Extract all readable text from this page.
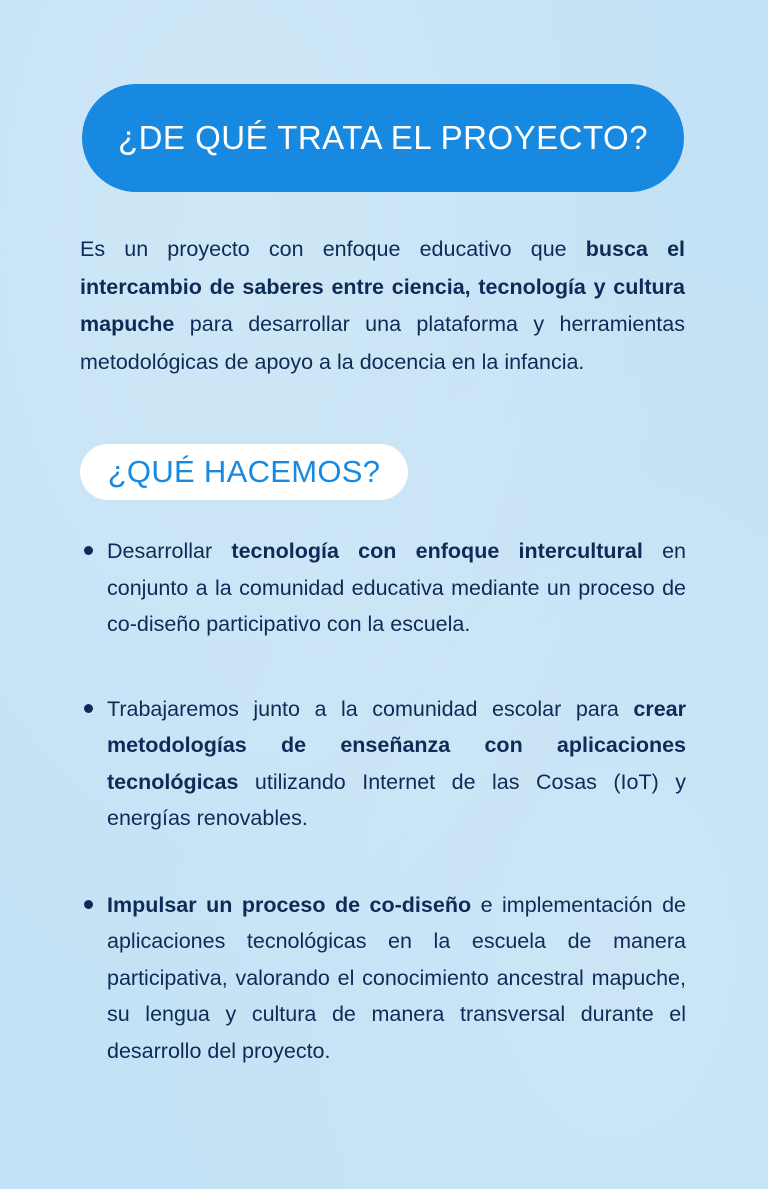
¿DE QUÉ TRATA EL PROYECTO?

Es un proyecto con enfoque educativo que busca el intercambio de saberes entre ciencia, tecnología y cultura mapuche para desarrollar una plataforma y herramientas metodológicas de apoyo a la docencia en la infancia.

¿QUÉ HACEMOS?
Desarrollar tecnología con enfoque intercultural en conjunto a la comunidad educativa mediante un proceso de co-diseño participativo con la escuela.
Trabajaremos junto a la comunidad escolar para crear metodologías de enseñanza con aplicaciones tecnológicas utilizando Internet de las Cosas (IoT) y energías renovables.
Impulsar un proceso de co-diseño e implementación de aplicaciones tecnológicas en la escuela de manera participativa, valorando el conocimiento ancestral mapuche, su lengua y cultura de manera transversal durante el desarrollo del proyecto.
